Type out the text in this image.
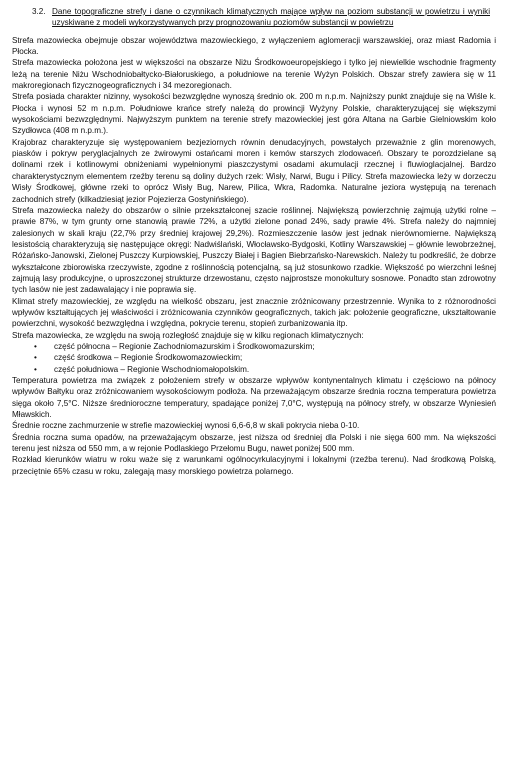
3.2. Dane topograficzne strefy i dane o czynnikach klimatycznych mające wpływ na poziom substancji w powietrzu i wyniki uzyskiwane z modeli wykorzystywanych przy prognozowaniu poziomów substancji w powietrzu

Strefa mazowiecka obejmuje obszar województwa mazowieckiego, z wyłączeniem aglomeracji warszawskiej, oraz miast Radomia i Płocka.

Strefa mazowiecka położona jest w większości na obszarze Niżu Środkowoeuropejskiego i tylko jej niewielkie wschodnie fragmenty leżą na terenie Niżu Wschodniobałtycko-Białoruskiego, a południowe na terenie Wyżyn Polskich. Obszar strefy zawiera się w 11 makroregionach fizycznogeograficznych i 34 mezoregionach.

Strefa posiada charakter nizinny, wysokości bezwzględne wynoszą średnio ok. 200 m n.p.m. Najniższy punkt znajduje się na Wiśle k. Płocka i wynosi 52 m n.p.m. Południowe krańce strefy należą do prowincji Wyżyny Polskie, charakteryzującej się większymi wysokościami bezwzględnymi. Najwyższym punktem na terenie strefy mazowieckiej jest góra Altana na Garbie Gielniowskim koło Szydłowca (408 m n.p.m.).

Krajobraz charakteryzuje się występowaniem bezjeziornych równin denudacyjnych, powstałych przeważnie z glin morenowych, piasków i pokryw peryglacjalnych ze żwirowymi ostańcami moren i kemów starszych zlodowaceń. Obszary te porozdzielane są dolinami rzek i kotlinowymi obniżeniami wypełnionymi piaszczystymi osadami akumulacji rzecznej i fluwioglacjalnej. Bardzo charakterystycznym elementem rzeźby terenu są doliny dużych rzek: Wisły, Narwi, Bugu i Pilicy. Strefa mazowiecka leży w dorzeczu Wisły Środkowej, główne rzeki to oprócz Wisły Bug, Narew, Pilica, Wkra, Radomka. Naturalne jeziora występują na terenach zachodnich strefy (kilkadziesiąt jezior Pojezierza Gostynińskiego).

Strefa mazowiecka należy do obszarów o silnie przekształconej szacie roślinnej. Największą powierzchnię zajmują użytki rolne – prawie 87%, w tym grunty orne stanowią prawie 72%, a użytki zielone ponad 24%, sady prawie 4%. Strefa należy do najmniej zalesionych w skali kraju (22,7% przy średniej krajowej 29,2%). Rozmieszczenie lasów jest jednak nierównomierne. Największą lesistością charakteryzują się następujące okręgi: Nadwiślański, Włocławsko-Bydgoski, Kotliny Warszawskiej – głównie lewobrzeżnej, Różańsko-Janowski, Zielonej Puszczy Kurpiowskiej, Puszczy Białej i Bagien Biebrzańsko-Narewskich. Należy tu podkreślić, że dobrze wykształcone zbiorowiska rzeczywiste, zgodne z roślinnością potencjalną, są już stosunkowo rzadkie. Większość po wierzchni leśnej zajmują lasy produkcyjne, o uproszczonej strukturze drzewostanu, często najprostsze monokultury sosnowe. Ponadto stan zdrowotny tych lasów nie jest zadawalający i nie poprawia się.

Klimat strefy mazowieckiej, ze względu na wielkość obszaru, jest znacznie zróżnicowany przestrzennie. Wynika to z różnorodności wpływów kształtujących jej właściwości i zróżnicowania czynników geograficznych, takich jak: położenie geograficzne, ukształtowanie powierzchni, wysokość bezwzględna i względna, pokrycie terenu, stopień zurbanizowania itp.

Strefa mazowiecka, ze względu na swoją rozległość znajduje się w kilku regionach klimatycznych:

• część północna – Regionie Zachodniomazurskim i Środkowomazurskim;
• część środkowa – Regionie Środkowomazowieckim;
• część południowa – Regionie Wschodniomałopolskim.

Temperatura powietrza ma związek z położeniem strefy w obszarze wpływów kontynentalnych klimatu i częściowo na północy wpływów Bałtyku oraz zróżnicowaniem wysokościowym podłoża. Na przeważającym obszarze średnia roczna temperatura powietrza sięga około 7,5°C. Niższe średnioroczne temperatury, spadające poniżej 7,0°C, występują na północy strefy, w obszarze Wyniesień Mławskich.

Średnie roczne zachmurzenie w strefie mazowieckiej wynosi 6,6-6,8 w skali pokrycia nieba 0-10.

Średnia roczna suma opadów, na przeważającym obszarze, jest niższa od średniej dla Polski i nie sięga 600 mm. Na większości terenu jest niższa od 550 mm, a w rejonie Podlaskiego Przełomu Bugu, nawet poniżej 500 mm.

Rozkład kierunków wiatru w roku waże się z warunkami ogólnocyrkulacyjnymi i lokalnymi (rzeźba terenu). Nad środkową Polską, przeciętnie 65% czasu w roku, zalegają masy morskiego powietrza polarnego.
